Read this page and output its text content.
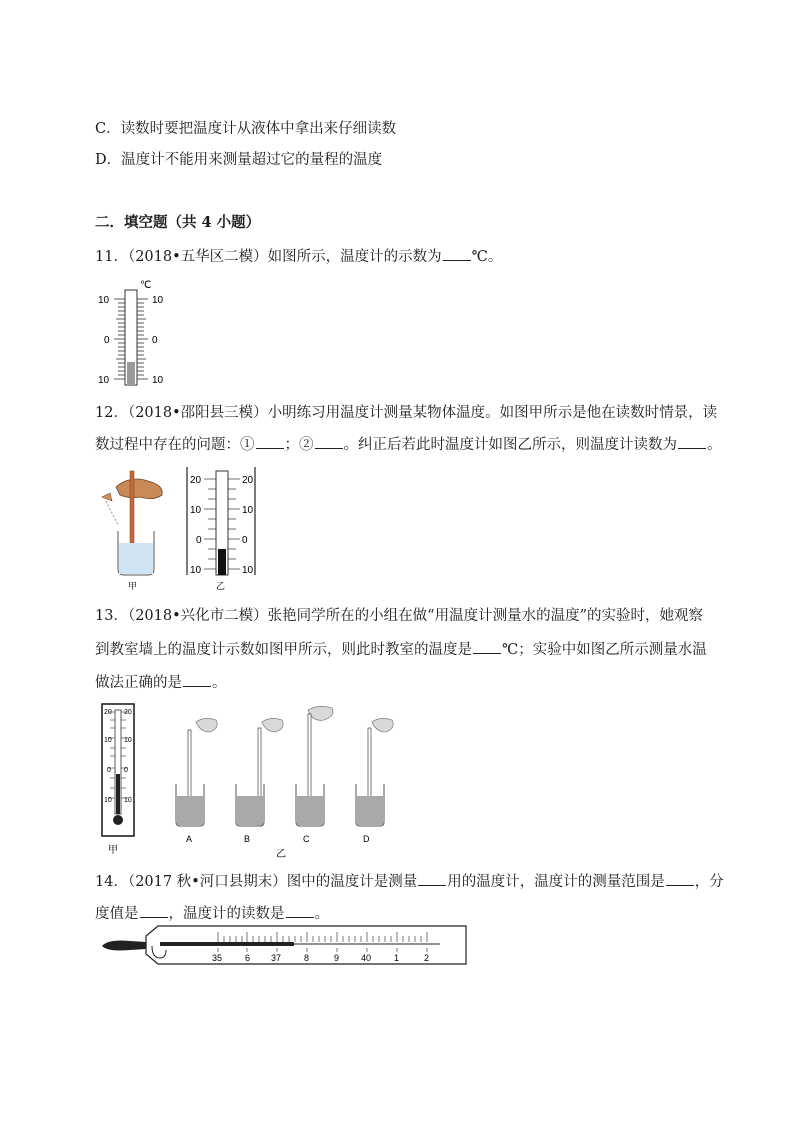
C．读数时要把温度计从液体中拿出来仔细读数
D．温度计不能用来测量超过它的量程的温度
二．填空题（共 4 小题）
11．（2018•五华区二模）如图所示，温度计的示数为 ℃。
℃
10	10
0	0
10	10
12．（2018•邵阳县三模）小明练习用温度计测量某物体温度。如图甲所示是他在读数时情景，读
数过程中存在的问题：① ；② 。纠正后若此时温度计如图乙所示，则温度计读数为 。
甲
20	20
10	10
0	0
10	10
乙
13．（2018•兴化市二模）张艳同学所在的小组在做“用温度计测量水的温度”的实验时，她观察
到教室墙上的温度计示数如图甲所示，则此时教室的温度是 ℃；实验中如图乙所示测量水温
做法正确的是 。
20 20
10 10
0 0
10 10
甲
A	B	C	D
乙
14．（2017 秋•河口县期末）图中的温度计是测量 用的温度计，温度计的测量范围是 ，分
度值是 ，温度计的读数是 。
35	6 37	8	9 40	1	2
